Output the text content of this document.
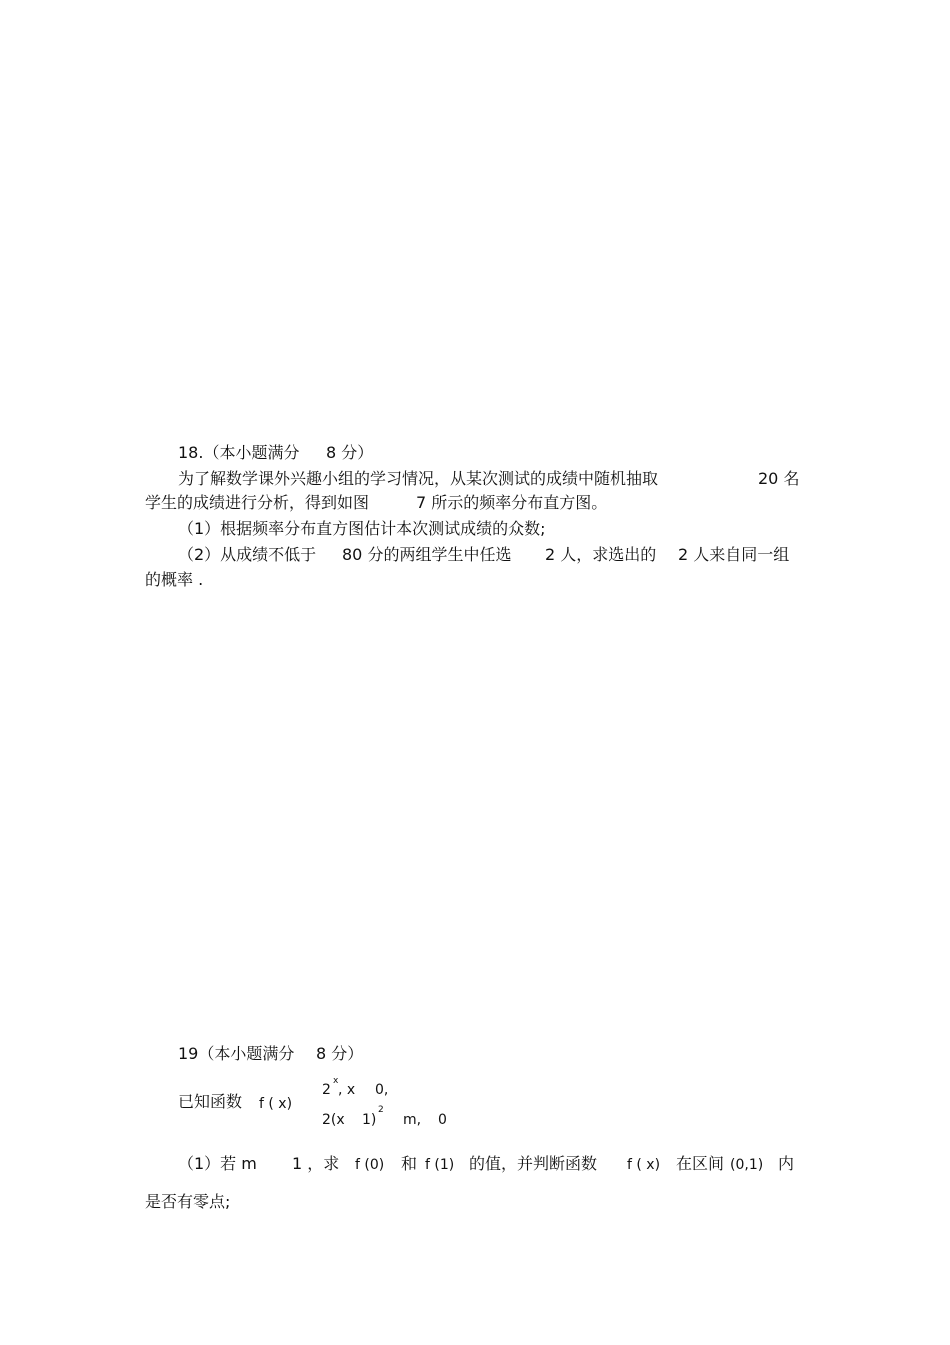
18.（本小题满分 8 分）
为了解数学课外兴趣小组的学习情况，从某次测试的成绩中随机抽取	20 名
学生的成绩进行分析，得到如图	7 所示的频率分布直方图。
（1）根据频率分布直方图估计本次测试成绩的众数;
（2）从成绩不低于 80 分的两组学生中任选 2 人，求选出的 2 人来自同一组
的概率 .
19（本小题满分 8 分）
已知函数 f ( x)
2
x
, x 0,
2(x 1)
2
m, 0
（1）若 m 1 ，求 f (0) 和 f (1) 的值，并判断函数 f ( x) 在区间 (0,1) 内
是否有零点;
